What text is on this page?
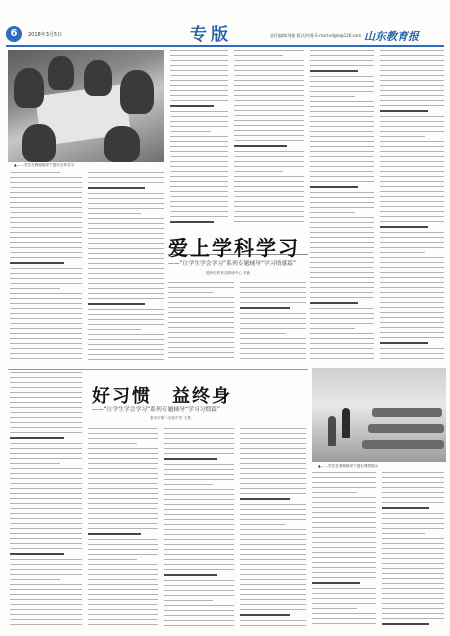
6	2018年3月5日	专版	责任编辑/刘妮 版式/何曼 E-mail:sdjyb@126.com 山东教育报
▲……学生在教师指导下进行合作学习
爱上学科学习
——“让学生学会学习”系列专题辅导“学习情感篇”
德州市教育局教研中心 李新
好习惯　益终身
——“让学生学会学习”系列专题辅导“学习习惯篇”
泰安市第二实验中学 王燕
▲……学生在老师指导下进行课堂展示
